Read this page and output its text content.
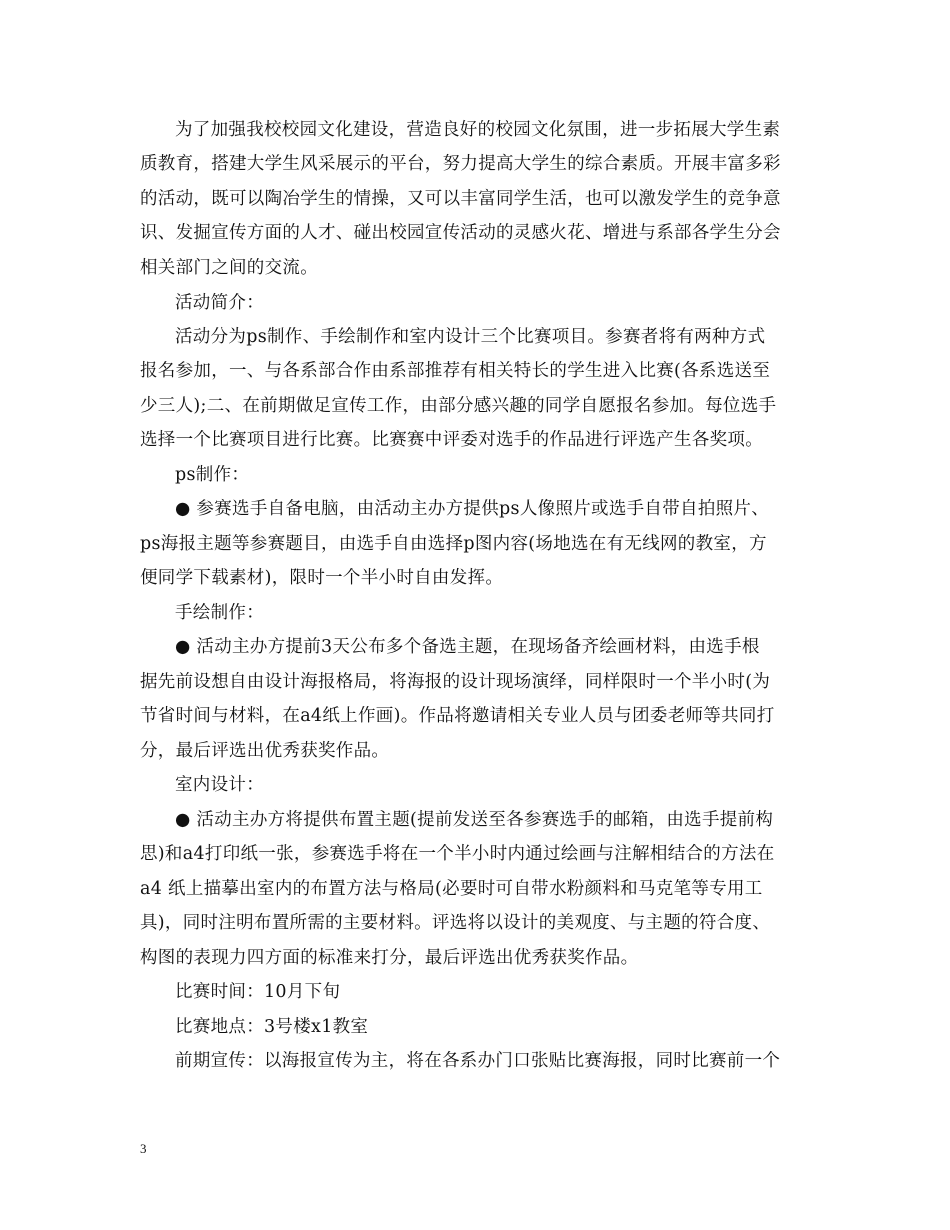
为了加强我校校园文化建设，营造良好的校园文化氛围，进一步拓展大学生素
质教育，搭建大学生风采展示的平台，努力提高大学生的综合素质。开展丰富多彩
的活动，既可以陶冶学生的情操，又可以丰富同学生活，也可以激发学生的竞争意
识、发掘宣传方面的人才、碰出校园宣传活动的灵感火花、增进与系部各学生分会
相关部门之间的交流。
活动简介：
活动分为ps制作、手绘制作和室内设计三个比赛项目。参赛者将有两种方式
报名参加，一、与各系部合作由系部推荐有相关特长的学生进入比赛(各系选送至
少三人);二、在前期做足宣传工作，由部分感兴趣的同学自愿报名参加。每位选手
选择一个比赛项目进行比赛。比赛赛中评委对选手的作品进行评选产生各奖项。
ps制作：
● 参赛选手自备电脑，由活动主办方提供ps人像照片或选手自带自拍照片、
ps海报主题等参赛题目，由选手自由选择p图内容(场地选在有无线网的教室，方
便同学下载素材)，限时一个半小时自由发挥。
手绘制作：
● 活动主办方提前3天公布多个备选主题，在现场备齐绘画材料，由选手根
据先前设想自由设计海报格局，将海报的设计现场演绎，同样限时一个半小时(为
节省时间与材料，在a4纸上作画)。作品将邀请相关专业人员与团委老师等共同打
分，最后评选出优秀获奖作品。
室内设计：
● 活动主办方将提供布置主题(提前发送至各参赛选手的邮箱，由选手提前构
思)和a4打印纸一张，参赛选手将在一个半小时内通过绘画与注解相结合的方法在
a4 纸上描摹出室内的布置方法与格局(必要时可自带水粉颜料和马克笔等专用工
具)，同时注明布置所需的主要材料。评选将以设计的美观度、与主题的符合度、
构图的表现力四方面的标准来打分，最后评选出优秀获奖作品。
比赛时间：10月下旬
比赛地点：3号楼x1教室
前期宣传：以海报宣传为主，将在各系办门口张贴比赛海报，同时比赛前一个
3
